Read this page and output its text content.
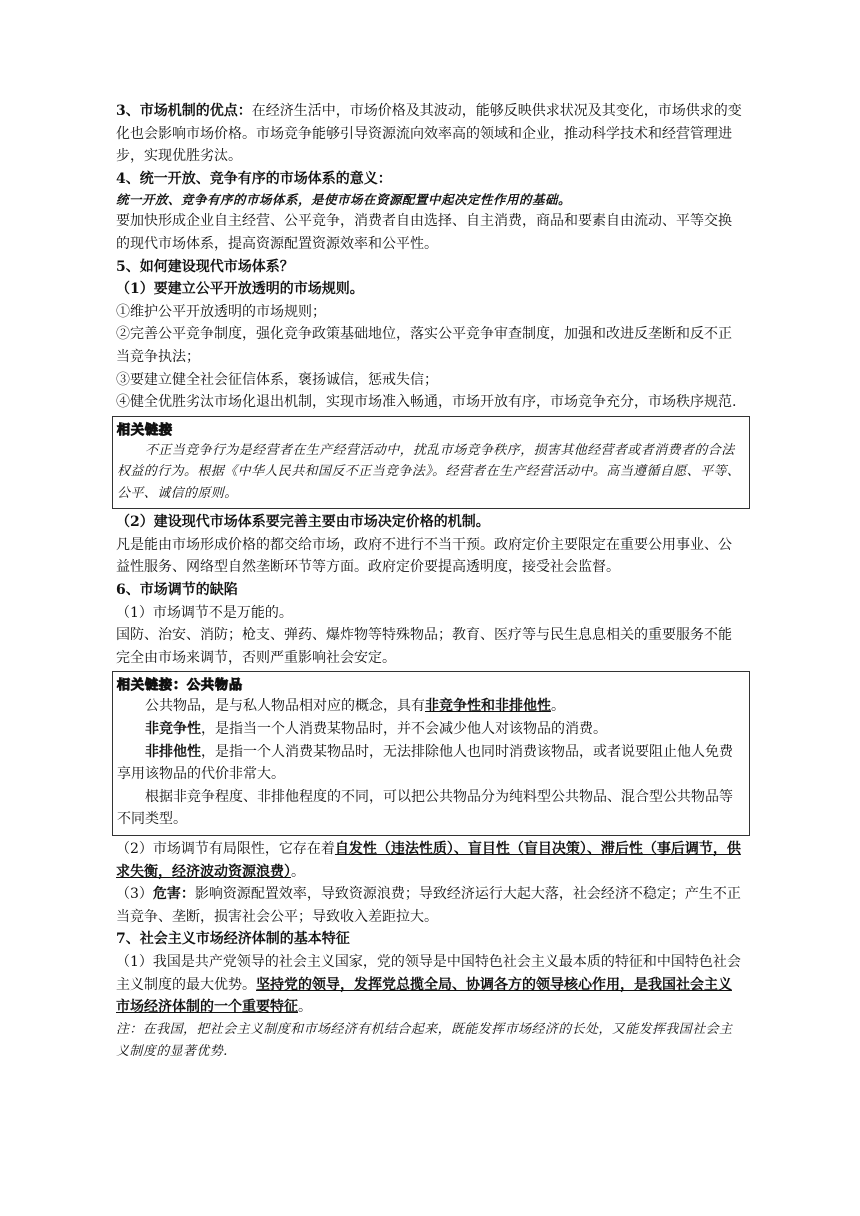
3、市场机制的优点：在经济生活中，市场价格及其波动，能够反映供求状况及其变化，市场供求的变化也会影响市场价格。市场竞争能够引导资源流向效率高的领域和企业，推动科学技术和经营管理进步，实现优胜劣汰。

4、统一开放、竞争有序的市场体系的意义：

统一开放、竞争有序的市场体系，是使市场在资源配置中起决定性作用的基础。

要加快形成企业自主经营、公平竞争，消费者自由选择、自主消费，商品和要素自由流动、平等交换的现代市场体系，提高资源配置资源效率和公平性。

5、如何建设现代市场体系？

（1）要建立公平开放透明的市场规则。

①维护公平开放透明的市场规则；

②完善公平竞争制度，强化竞争政策基础地位，落实公平竞争审查制度，加强和改进反垄断和反不正当竞争执法；

③要建立健全社会征信体系，褒扬诚信，惩戒失信；

④健全优胜劣汰市场化退出机制，实现市场准入畅通，市场开放有序，市场竞争充分，市场秩序规范.

相关链接

不正当竞争行为是经营者在生产经营活动中，扰乱市场竞争秩序，损害其他经营者或者消费者的合法权益的行为。根据《中华人民共和国反不正当竞争法》。经营者在生产经营活动中。高当遵循自愿、平等、公平、诚信的原则。

（2）建设现代市场体系要完善主要由市场决定价格的机制。

凡是能由市场形成价格的都交给市场，政府不进行不当干预。政府定价主要限定在重要公用事业、公益性服务、网络型自然垄断环节等方面。政府定价要提高透明度，接受社会监督。

6、市场调节的缺陷

（1）市场调节不是万能的。

国防、治安、消防；枪支、弹药、爆炸物等特殊物品；教育、医疗等与民生息息相关的重要服务不能完全由市场来调节，否则严重影响社会安定。

相关链接：公共物品

公共物品，是与私人物品相对应的概念，具有非竞争性和非排他性。

非竞争性，是指当一个人消费某物品时，并不会减少他人对该物品的消费。

非排他性，是指一个人消费某物品时，无法排除他人也同时消费该物品，或者说要阻止他人免费享用该物品的代价非常大。

根据非竞争程度、非排他程度的不同，可以把公共物品分为纯料型公共物品、混合型公共物品等不同类型。

（2）市场调节有局限性，它存在着自发性（违法性质）、盲目性（盲目决策）、滞后性（事后调节，供求失衡，经济波动资源浪费）。

（3）危害：影响资源配置效率，导致资源浪费；导致经济运行大起大落，社会经济不稳定；产生不正当竞争、垄断，损害社会公平；导致收入差距拉大。

7、社会主义市场经济体制的基本特征

（1）我国是共产党领导的社会主义国家，党的领导是中国特色社会主义最本质的特征和中国特色社会主义制度的最大优势。坚持党的领导，发挥党总揽全局、协调各方的领导核心作用，是我国社会主义市场经济体制的一个重要特征。

注：在我国，把社会主义制度和市场经济有机结合起来，既能发挥市场经济的长处，又能发挥我国社会主义制度的显著优势.
